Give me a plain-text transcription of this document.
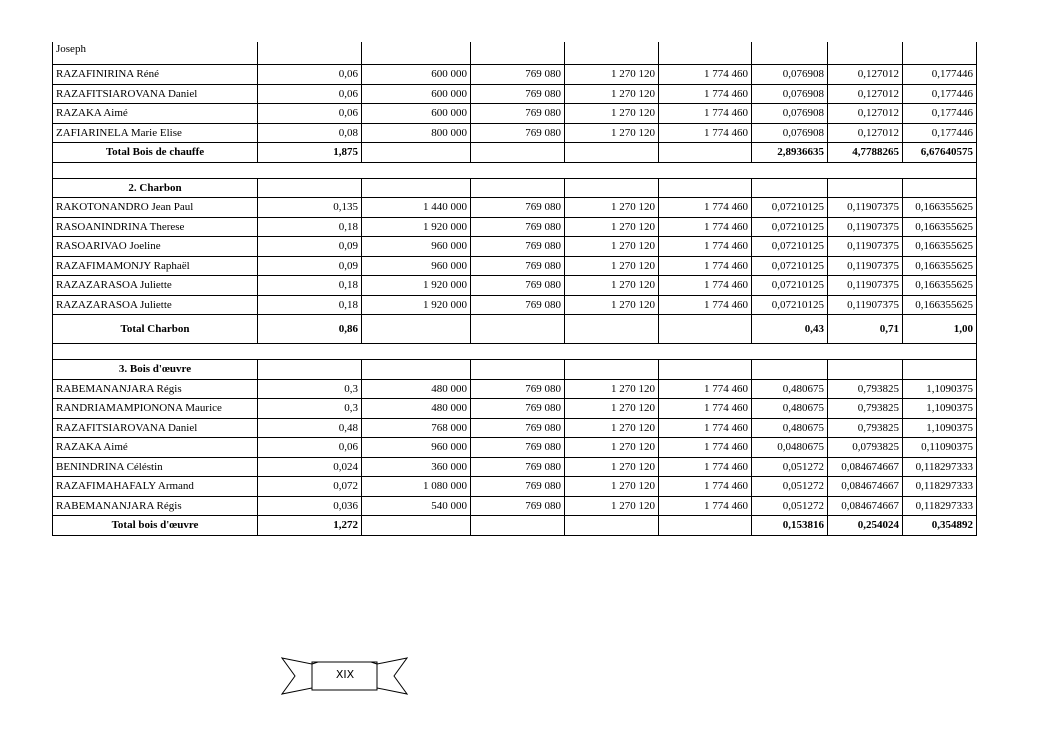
Joseph								
RAZAFINIRINA Réné	0,06	600 000	769 080	1 270 120	1 774 460	0,076908	0,127012	0,177446
RAZAFITSIAROVANA Daniel	0,06	600 000	769 080	1 270 120	1 774 460	0,076908	0,127012	0,177446
RAZAKA Aimé	0,06	600 000	769 080	1 270 120	1 774 460	0,076908	0,127012	0,177446
ZAFIARINELA Marie Elise	0,08	800 000	769 080	1 270 120	1 774 460	0,076908	0,127012	0,177446
Total Bois de chauffe	1,875					2,8936635	4,7788265	6,67640575

2. Charbon								
RAKOTONANDRO Jean Paul	0,135	1 440 000	769 080	1 270 120	1 774 460	0,07210125	0,11907375	0,166355625
RASOANINDRINA Therese	0,18	1 920 000	769 080	1 270 120	1 774 460	0,07210125	0,11907375	0,166355625
RASOARIVAO Joeline	0,09	960 000	769 080	1 270 120	1 774 460	0,07210125	0,11907375	0,166355625
RAZAFIMAMONJY Raphaël	0,09	960 000	769 080	1 270 120	1 774 460	0,07210125	0,11907375	0,166355625
RAZAZARASOA Juliette	0,18	1 920 000	769 080	1 270 120	1 774 460	0,07210125	0,11907375	0,166355625
RAZAZARASOA Juliette	0,18	1 920 000	769 080	1 270 120	1 774 460	0,07210125	0,11907375	0,166355625
Total Charbon	0,86					0,43	0,71	1,00

3. Bois d'œuvre								
RABEMANANJARA Régis	0,3	480 000	769 080	1 270 120	1 774 460	0,480675	0,793825	1,1090375
RANDRIAMAMPIONONA Maurice	0,3	480 000	769 080	1 270 120	1 774 460	0,480675	0,793825	1,1090375
RAZAFITSIAROVANA Daniel	0,48	768 000	769 080	1 270 120	1 774 460	0,480675	0,793825	1,1090375
RAZAKA Aimé	0,06	960 000	769 080	1 270 120	1 774 460	0,0480675	0,0793825	0,11090375
BENINDRINA Céléstin	0,024	360 000	769 080	1 270 120	1 774 460	0,051272	0,084674667	0,118297333
RAZAFIMAHAFALY Armand	0,072	1 080 000	769 080	1 270 120	1 774 460	0,051272	0,084674667	0,118297333
RABEMANANJARA Régis	0,036	540 000	769 080	1 270 120	1 774 460	0,051272	0,084674667	0,118297333
Total bois d'œuvre	1,272					0,153816	0,254024	0,354892
XIX
